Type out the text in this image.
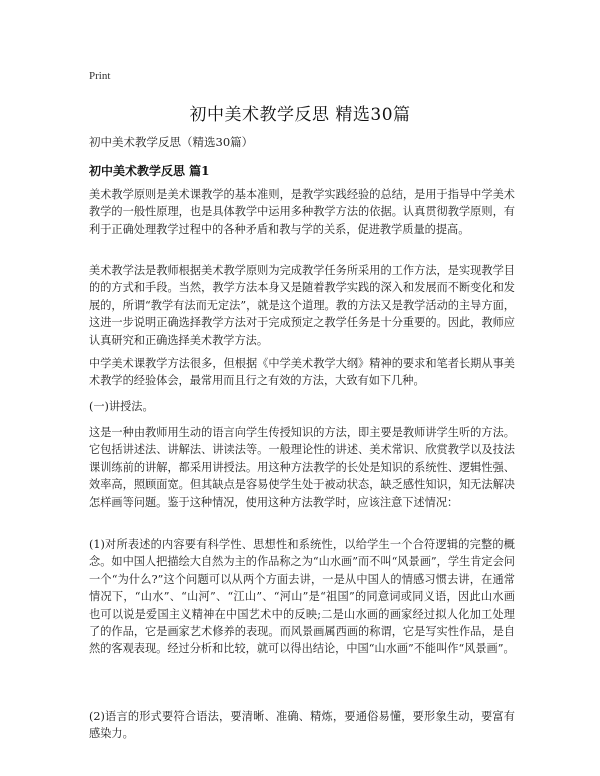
Print
初中美术教学反思 精选30篇
初中美术教学反思（精选30篇）
初中美术教学反思 篇1

美术教学原则是美术课教学的基本准则，是教学实践经验的总结，是用于指导中学美术教学的一般性原理，也是具体教学中运用多种教学方法的依据。认真贯彻教学原则，有利于正确处理教学过程中的各种矛盾和教与学的关系，促进教学质量的提高。

美术教学法是教师根据美术教学原则为完成教学任务所采用的工作方法，是实现教学目的的方式和手段。当然，教学方法本身又是随着教学实践的深入和发展而不断变化和发展的，所谓“教学有法而无定法”，就是这个道理。教的方法又是教学活动的主导方面，这进一步说明正确选择教学方法对于完成预定之教学任务是十分重要的。因此，教师应认真研究和正确选择美术教学方法。

中学美术课教学方法很多，但根据《中学美术教学大纲》精神的要求和笔者长期从事美术教学的经验体会，最常用而且行之有效的方法，大致有如下几种。

(一)讲授法。

这是一种由教师用生动的语言向学生传授知识的方法，即主要是教师讲学生听的方法。它包括讲述法、讲解法、讲读法等。一般理论性的讲述、美术常识、欣赏教学以及技法课训练前的讲解，都采用讲授法。用这种方法教学的长处是知识的系统性、逻辑性强、效率高，照顾面宽。但其缺点是容易使学生处于被动状态，缺乏感性知识，知无法解决怎样画等问题。鉴于这种情况，使用这种方法教学时，应该注意下述情况：

(1)对所表述的内容要有科学性、思想性和系统性，以给学生一个合符逻辑的完整的概念。如中国人把描绘大自然为主的作品称之为“山水画”而不叫“风景画”，学生肯定会问一个“为什么?”这个问题可以从两个方面去讲，一是从中国人的情感习惯去讲，在通常情况下，“山水”、“山河”、“江山”、“河山”是“祖国”的同意词或同义语，因此山水画也可以说是爱国主义精神在中国艺术中的反映;二是山水画的画家经过拟人化加工处理了的作品，它是画家艺术修养的表现。而风景画属西画的称谓，它是写实性作品，是自然的客观表现。经过分析和比较，就可以得出结论，中国“山水画”不能叫作“风景画”。

(2)语言的形式要符合语法，要清晰、准确、精炼，要通俗易懂，要形象生动，要富有感染力。
